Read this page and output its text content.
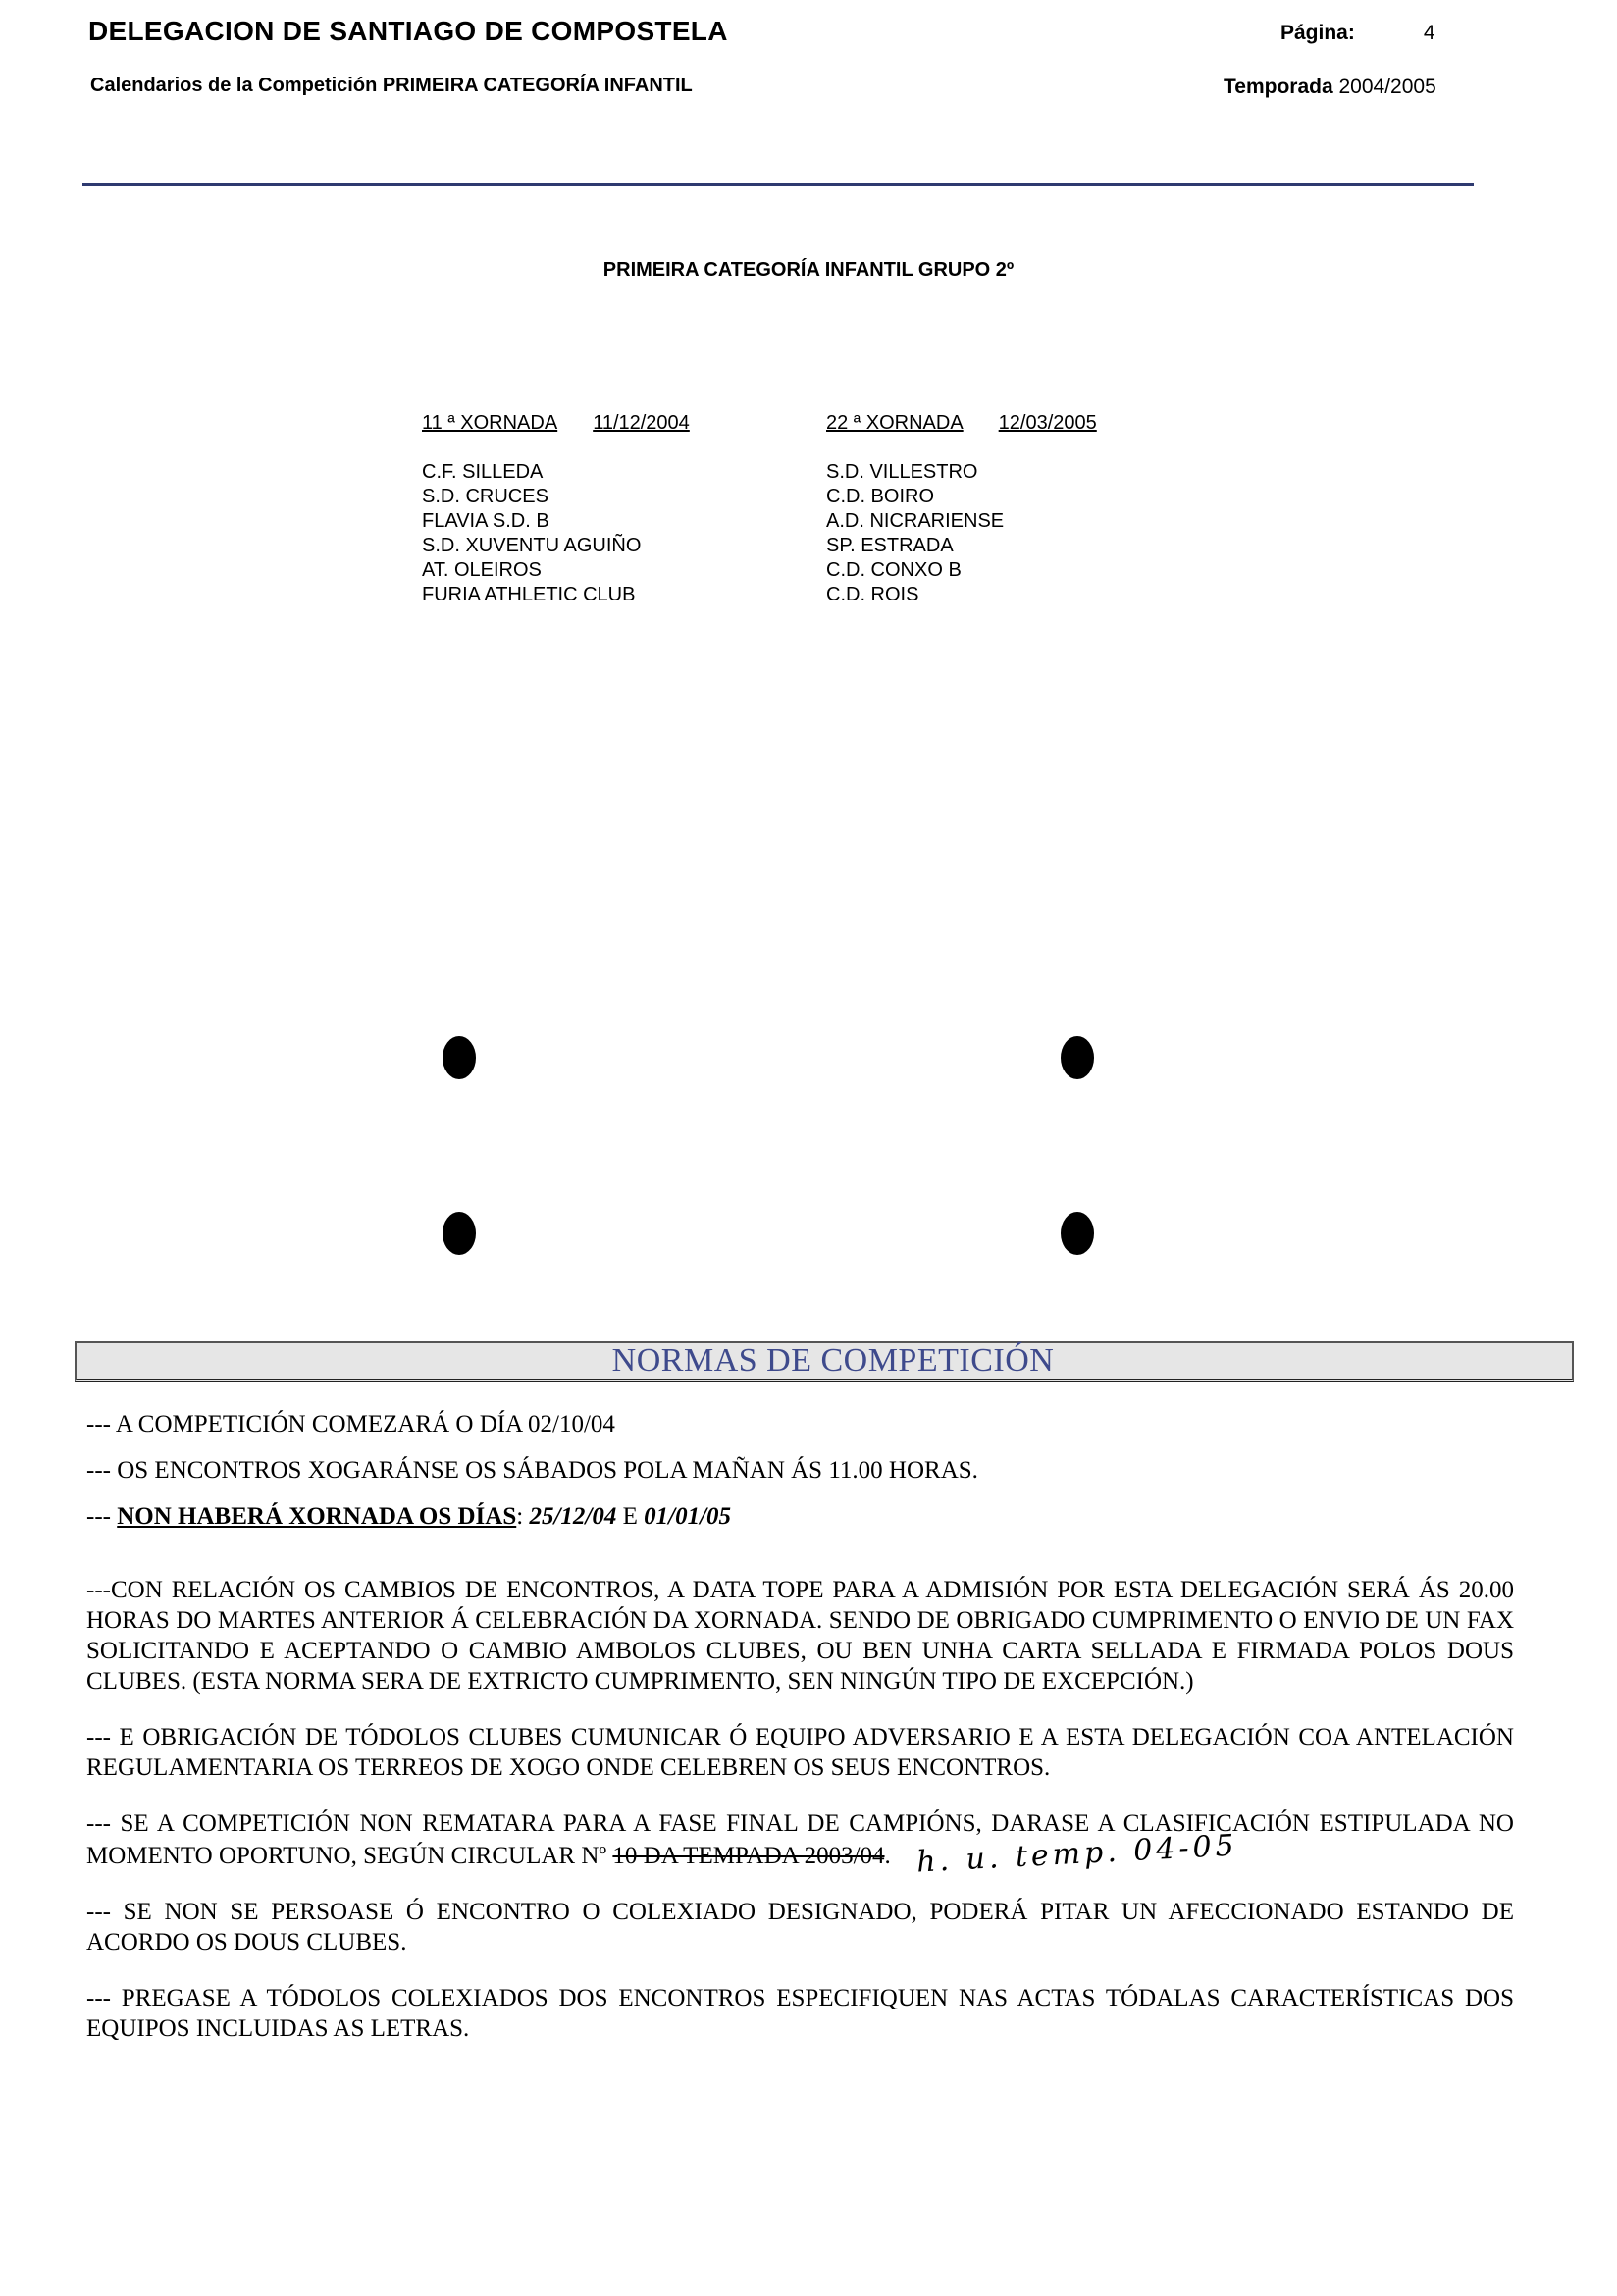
DELEGACION DE SANTIAGO DE COMPOSTELA	Página:	4
Calendarios de la Competición PRIMEIRA CATEGORÍA INFANTIL	Temporada 2004/2005
PRIMEIRA CATEGORÍA INFANTIL GRUPO 2º
11 ª XORNADA 11/12/2004
C.F. SILLEDA
S.D. CRUCES
FLAVIA S.D. B
S.D. XUVENTU AGUIÑO
AT. OLEIROS
FURIA ATHLETIC CLUB
22 ª XORNADA 12/03/2005
S.D. VILLESTRO
C.D. BOIRO
A.D. NICRARIENSE
SP. ESTRADA
C.D. CONXO B
C.D. ROIS
NORMAS DE COMPETICIÓN

--- A COMPETICIÓN COMEZARÁ O DÍA 02/10/04

--- OS ENCONTROS XOGARÁNSE OS SÁBADOS POLA MAÑAN ÁS 11.00 HORAS.

--- NON HABERÁ XORNADA OS DÍAS: 25/12/04 E 01/01/05

---CON RELACIÓN OS CAMBIOS DE ENCONTROS, A DATA TOPE PARA A ADMISIÓN POR ESTA DELEGACIÓN SERÁ ÁS 20.00 HORAS DO MARTES ANTERIOR Á CELEBRACIÓN DA XORNADA. SENDO DE OBRIGADO CUMPRIMENTO O ENVIO DE UN FAX SOLICITANDO E ACEPTANDO O CAMBIO AMBOLOS CLUBES, OU BEN UNHA CARTA SELLADA E FIRMADA POLOS DOUS CLUBES. (ESTA NORMA SERA DE EXTRICTO CUMPRIMENTO, SEN NINGÚN TIPO DE EXCEPCIÓN.)

--- E OBRIGACIÓN DE TÓDOLOS CLUBES CUMUNICAR Ó EQUIPO ADVERSARIO E A ESTA DELEGACIÓN COA ANTELACIÓN REGULAMENTARIA OS TERREOS DE XOGO ONDE CELEBREN OS SEUS ENCONTROS.

--- SE A COMPETICIÓN NON REMATARA PARA A FASE FINAL DE CAMPIÓNS, DARASE A CLASIFICACIÓN ESTIPULADA NO MOMENTO OPORTUNO, SEGÚN CIRCULAR Nº 10 DA TEMPADA 2003/04. h. u. temp. 04-05

--- SE NON SE PERSOASE Ó ENCONTRO O COLEXIADO DESIGNADO, PODERÁ PITAR UN AFECCIONADO ESTANDO DE ACORDO OS DOUS CLUBES.

--- PREGASE A TÓDOLOS COLEXIADOS DOS ENCONTROS ESPECIFIQUEN NAS ACTAS TÓDALAS CARACTERÍSTICAS DOS EQUIPOS INCLUIDAS AS LETRAS.
